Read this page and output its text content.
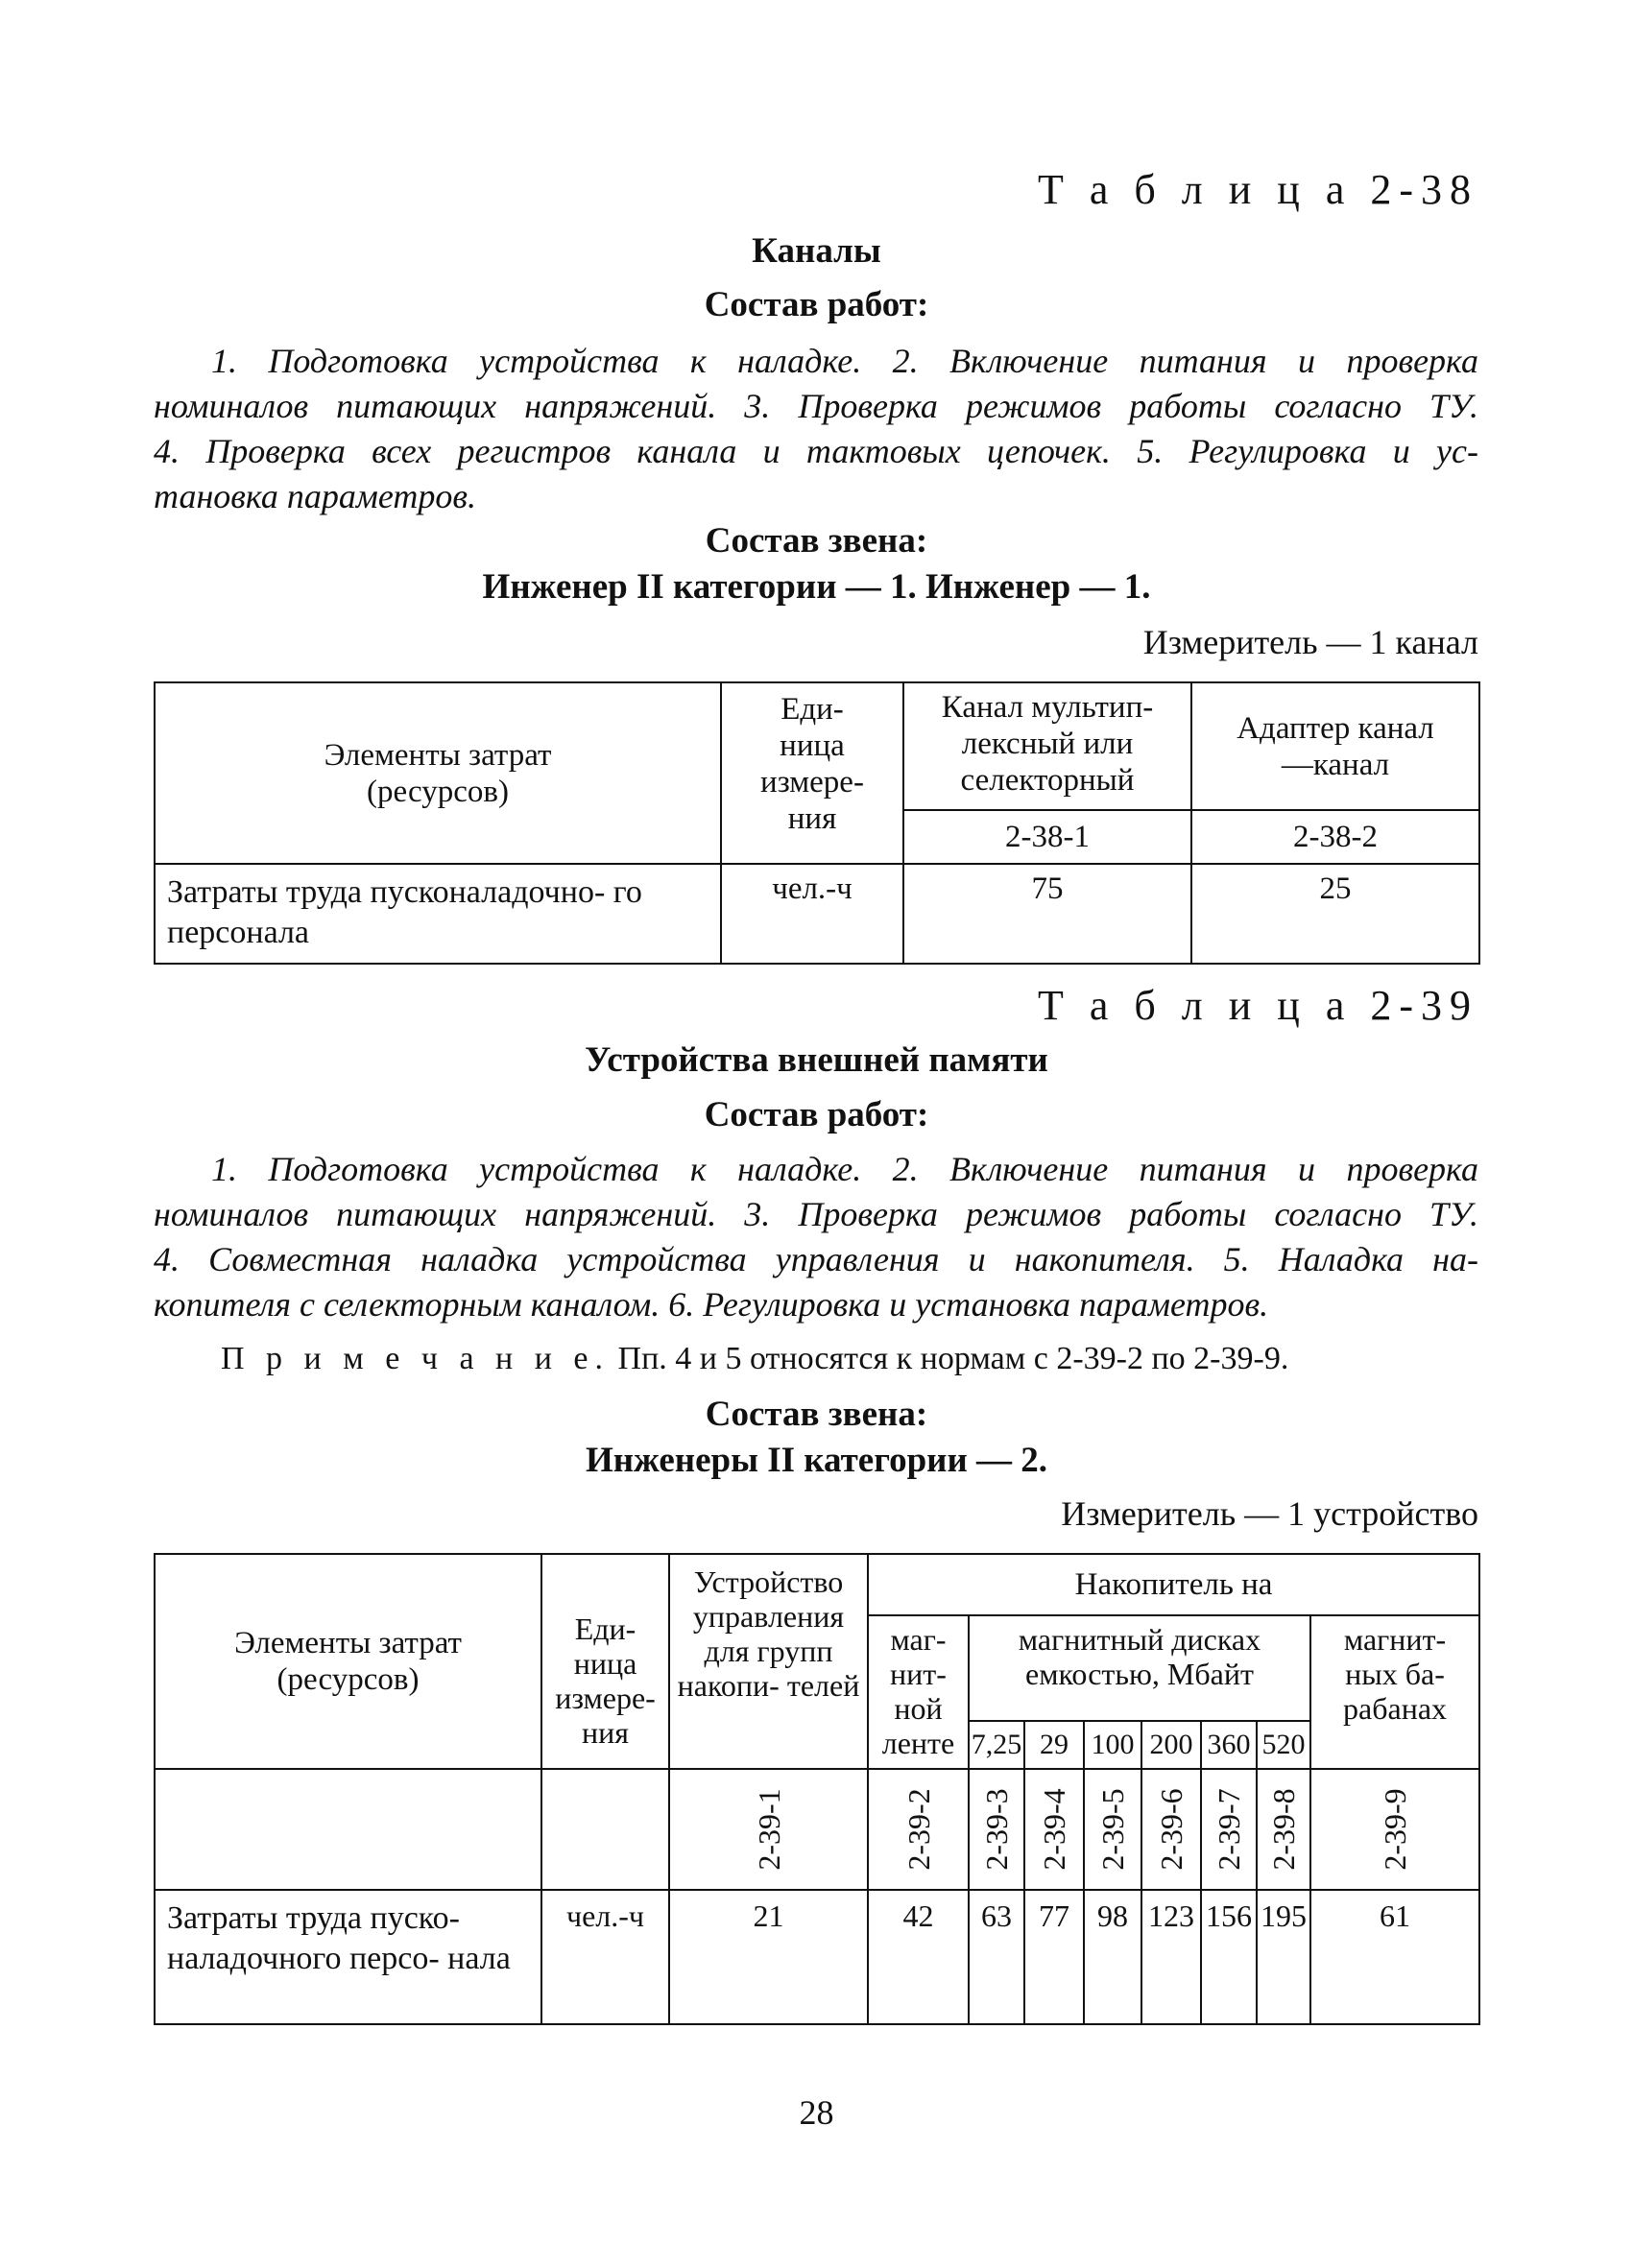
Т а б л и ц а 2-38
Каналы
Состав работ:
1. Подготовка устройства к наладке. 2. Включение питания и проверка
номиналов питающих напряжений. 3. Проверка режимов работы согласно ТУ.
4. Проверка всех регистров канала и тактовых цепочек. 5. Регулировка и ус-
тановка параметров.
Состав звена:
Инженер II категории — 1. Инженер — 1.
Измеритель — 1 канал
Элементы затрат (ресурсов)	Еди- ница измере- ния	Канал мультип- лексный или селекторный	Адаптер канал—канал

		2-38-1	2-38-2

Затраты труда пусконаладочно- го персонала	чел.-ч	75	25
Т а б л и ц а 2-39
Устройства внешней памяти
Состав работ:
1. Подготовка устройства к наладке. 2. Включение питания и проверка
номиналов питающих напряжений. 3. Проверка режимов работы согласно ТУ.
4. Совместная наладка устройства управления и накопителя. 5. Наладка на-
копителя с селекторным каналом. 6. Регулировка и установка параметров.
П р и м е ч а н и е. Пп. 4 и 5 относятся к нормам с 2-39-2 по 2-39-9.
Состав звена:
Инженеры II категории — 2.
Измеритель — 1 устройство
Элементы затрат (ресурсов)	Еди- ница измере- ния	Устройство управления для групп накопи- телей	Накопитель на							

			маг- нит- ной ленте	магнитный дисках емкостью, Мбайт						магнит- ных ба- рабанах

				7,25	29	100	200	360	520	

		2-39-1	2-39-2	2-39-3	2-39-4	2-39-5	2-39-6	2-39-7	2-39-8	2-39-9

Затраты труда пуско- наладочного персо- нала	чел.-ч	21	42	63	77	98	123	156	195	61
28
